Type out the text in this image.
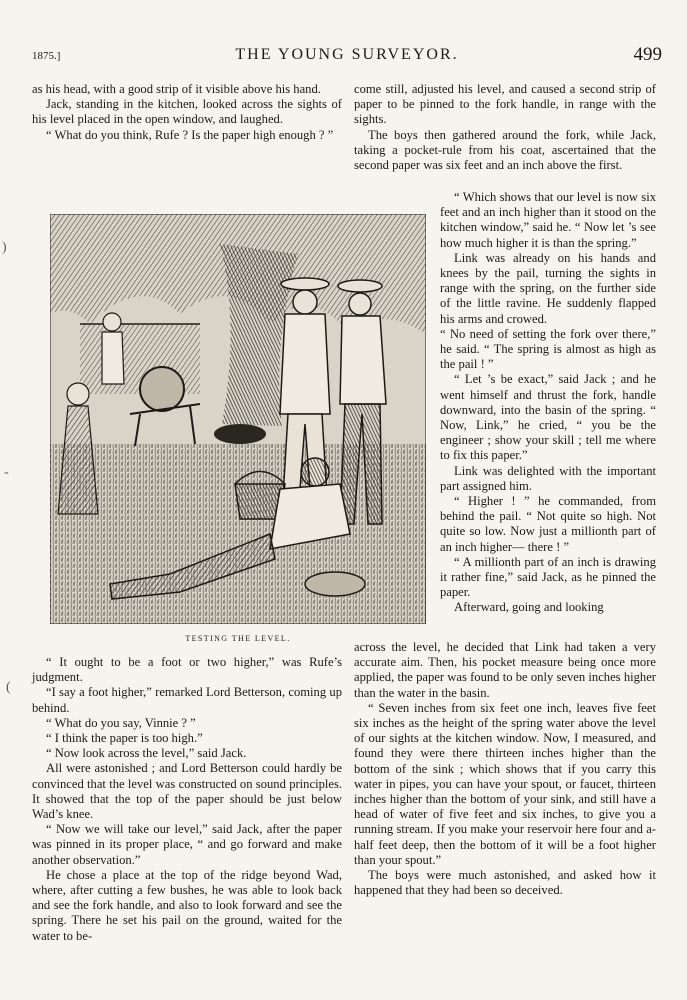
1875.]	THE YOUNG SURVEYOR.	499

as his head, with a good strip of it visible above his hand.

Jack, standing in the kitchen, looked across the sights of his level placed in the open window, and laughed.

“ What do you think, Rufe ? Is the paper high enough ? ”

TESTING THE LEVEL.

“ It ought to be a foot or two higher,” was Rufe’s judgment.

“I say a foot higher,” remarked Lord Betterson, coming up behind.

“ What do you say, Vinnie ? ”

“ I think the paper is too high.”

“ Now look across the level,” said Jack.

All were astonished ; and Lord Betterson could hardly be convinced that the level was constructed on sound principles. It showed that the top of the paper should be just below Wad’s knee.

“ Now we will take our level,” said Jack, after the paper was pinned in its proper place, “ and go forward and make another observation.”

He chose a place at the top of the ridge beyond Wad, where, after cutting a few bushes, he was able to look back and see the fork handle, and also to look forward and see the spring. There he set his pail on the ground, waited for the water to be-

come still, adjusted his level, and caused a second strip of paper to be pinned to the fork handle, in range with the sights.

The boys then gathered around the fork, while Jack, taking a pocket-rule from his coat, ascertained that the second paper was six feet and an inch above the first.

“ Which shows that our level is now six feet and an inch higher than it stood on the kitchen window,” said he. “ Now let ’s see how much higher it is than the spring.”

Link was already on his hands and knees by the pail, turning the sights in range with the spring, on the further side of the little ravine. He suddenly flapped his arms and crowed.

“ No need of setting the fork over there,” he said. “ The spring is almost as high as the pail ! ”

“ Let ’s be exact,” said Jack ; and he went himself and thrust the fork, handle downward, into the basin of the spring. “ Now, Link,” he cried, “ you be the engineer ; show your skill ; tell me where to fix this paper.”

Link was delighted with the important part assigned him.

“ Higher ! ” he commanded, from behind the pail. “ Not quite so high. Not quite so low. Now just a millionth part of an inch higher— there ! ”

“ A millionth part of an inch is drawing it rather fine,” said Jack, as he pinned the paper.

Afterward, going and looking

across the level, he decided that Link had taken a very accurate aim. Then, his pocket measure being once more applied, the paper was found to be only seven inches higher than the water in the basin.

“ Seven inches from six feet one inch, leaves five feet six inches as the height of the spring water above the level of our sights at the kitchen window. Now, I measured, and found they were there thirteen inches higher than the bottom of the sink ; which shows that if you carry this water in pipes, you can have your spout, or faucet, thirteen inches higher than the bottom of your sink, and still have a head of water of five feet and six inches, to give you a running stream. If you make your reservoir here four and a-half feet deep, then the bottom of it will be a foot higher than your spout.”

The boys were much astonished, and asked how it happened that they had been so deceived.

)
-
(
